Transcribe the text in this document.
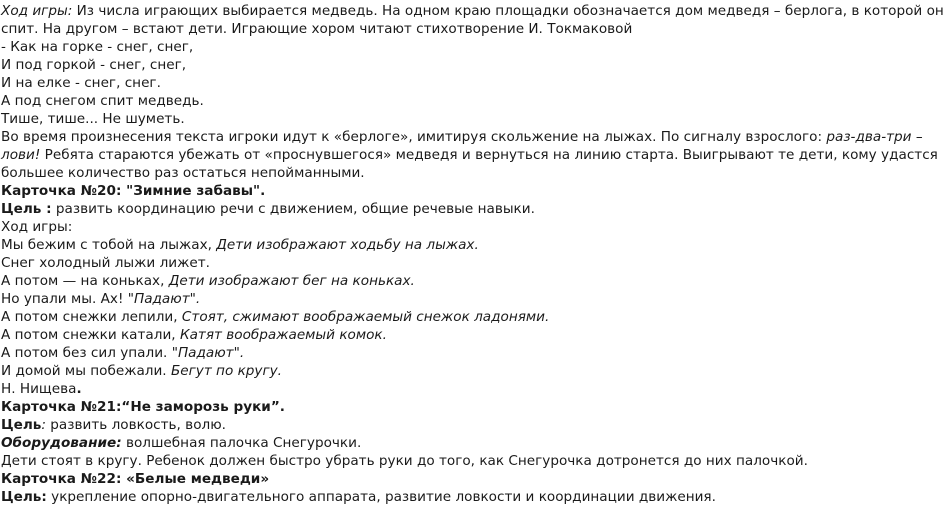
Ход игры: Из числа играющих выбирается медведь. На одном краю площадки обозначается дом медведя – берлога, в которой он
спит. На другом – встают дети. Играющие хором читают стихотворение И. Токмаковой
- Как на горке - снег, снег,
И под горкой - снег, снег,
И на елке - снег, снег.
А под снегом спит медведь.
Тише, тише... Не шуметь.
Во время произнесения текста игроки идут к «берлоге», имитируя скольжение на лыжах. По сигналу взрослого: раз-два-три –
лови! Ребята стараются убежать от «проснувшегося» медведя и вернуться на линию старта. Выигрывают те дети, кому удастся
большее количество раз остаться непойманными.
Карточка №20: "Зимние забавы".
Цель : развить координацию речи с движением, общие речевые навыки.
Ход игры:
Мы бежим с тобой на лыжах, Дети изображают ходьбу на лыжах.
Снег холодный лыжи лижет.
А потом — на коньках, Дети изображают бег на коньках.
Но упали мы. Ах! "Падают".
А потом снежки лепили, Стоят, сжимают воображаемый снежок ладонями.
А потом снежки катали, Катят воображаемый комок.
А потом без сил упали. "Падают".
И домой мы побежали. Бегут по кругу.
Н. Нищева.
Карточка №21:“Не заморозь руки”.
Цель: развить ловкость, волю.
Оборудование: волшебная палочка Снегурочки.
Дети стоят в кругу. Ребенок должен быстро убрать руки до того, как Снегурочка дотронется до них палочкой.
Карточка №22: «Белые медведи»
Цель: укрепление опорно-двигательного аппарата, развитие ловкости и координации движения.
